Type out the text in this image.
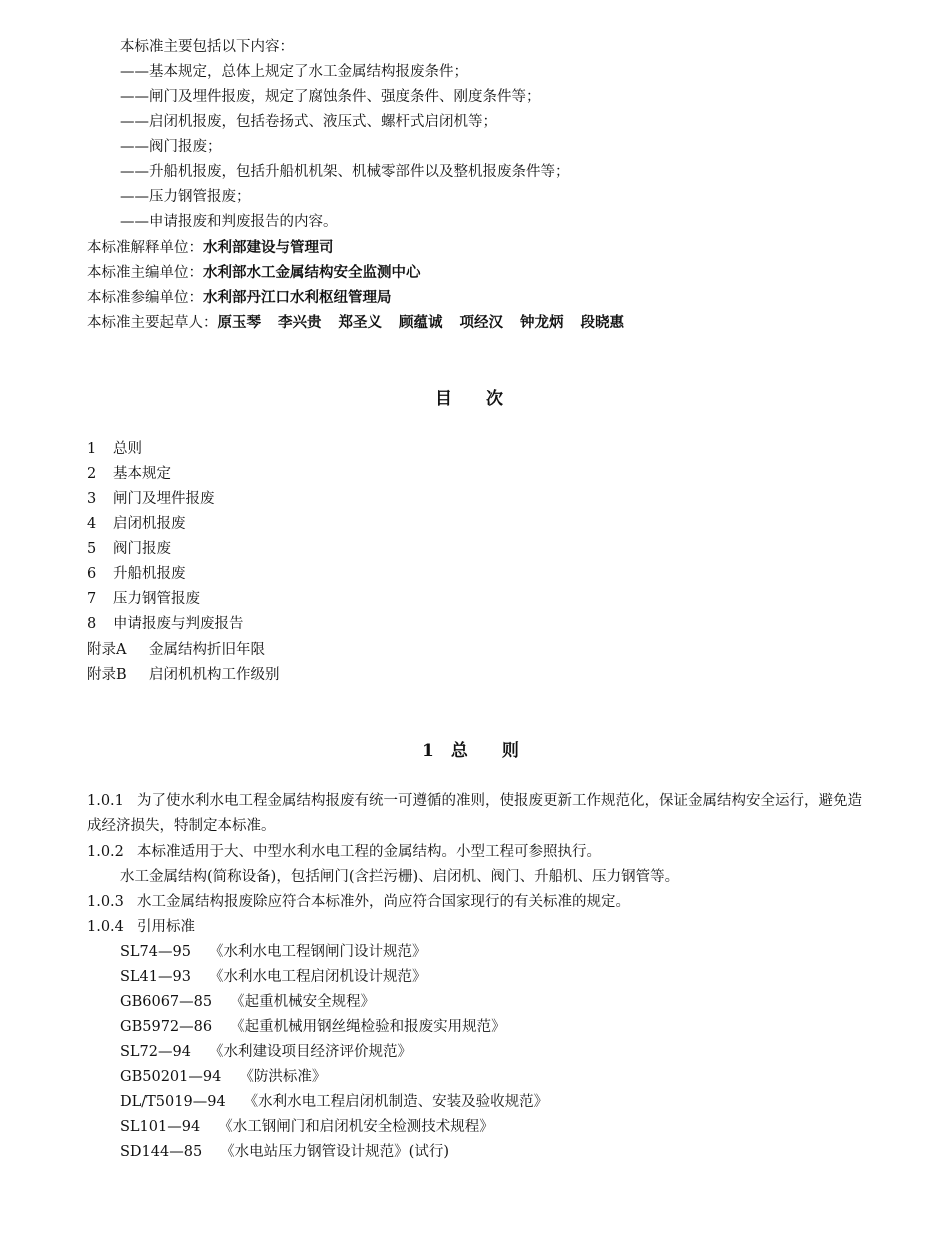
本标准主要包括以下内容：
——基本规定，总体上规定了水工金属结构报废条件；
——闸门及埋件报废，规定了腐蚀条件、强度条件、刚度条件等；
——启闭机报废，包括卷扬式、液压式、螺杆式启闭机等；
——阀门报废；
——升船机报废，包括升船机机架、机械零部件以及整机报废条件等；
——压力钢管报废；
——申请报废和判废报告的内容。
本标准解释单位：水利部建设与管理司
本标准主编单位：水利部水工金属结构安全监测中心
本标准参编单位：水利部丹江口水利枢纽管理局
本标准主要起草人：原玉琴 李兴贵 郑圣义 顾蕴诚 项经汉 钟龙炳 段晓惠
目　　次
1 总则
2 基本规定
3 闸门及埋件报废
4 启闭机报废
5 阀门报废
6 升船机报废
7 压力钢管报废
8 申请报废与判废报告
附录A 金属结构折旧年限
附录B 启闭机机构工作级别
1　总　　则
1.0.1 为了使水利水电工程金属结构报废有统一可遵循的准则，使报废更新工作规范化，保证金属结构安全运行，避免造成经济损失，特制定本标准。
1.0.2 本标准适用于大、中型水利水电工程的金属结构。小型工程可参照执行。
水工金属结构(简称设备)，包括闸门(含拦污栅)、启闭机、阀门、升船机、压力钢管等。
1.0.3 水工金属结构报废除应符合本标准外，尚应符合国家现行的有关标准的规定。
1.0.4 引用标准
SL74—95 《水利水电工程钢闸门设计规范》
SL41—93 《水利水电工程启闭机设计规范》
GB6067—85 《起重机械安全规程》
GB5972—86 《起重机械用钢丝绳检验和报废实用规范》
SL72—94 《水利建设项目经济评价规范》
GB50201—94 《防洪标准》
DL/T5019—94 《水利水电工程启闭机制造、安装及验收规范》
SL101—94 《水工钢闸门和启闭机安全检测技术规程》
SD144—85 《水电站压力钢管设计规范》(试行)
